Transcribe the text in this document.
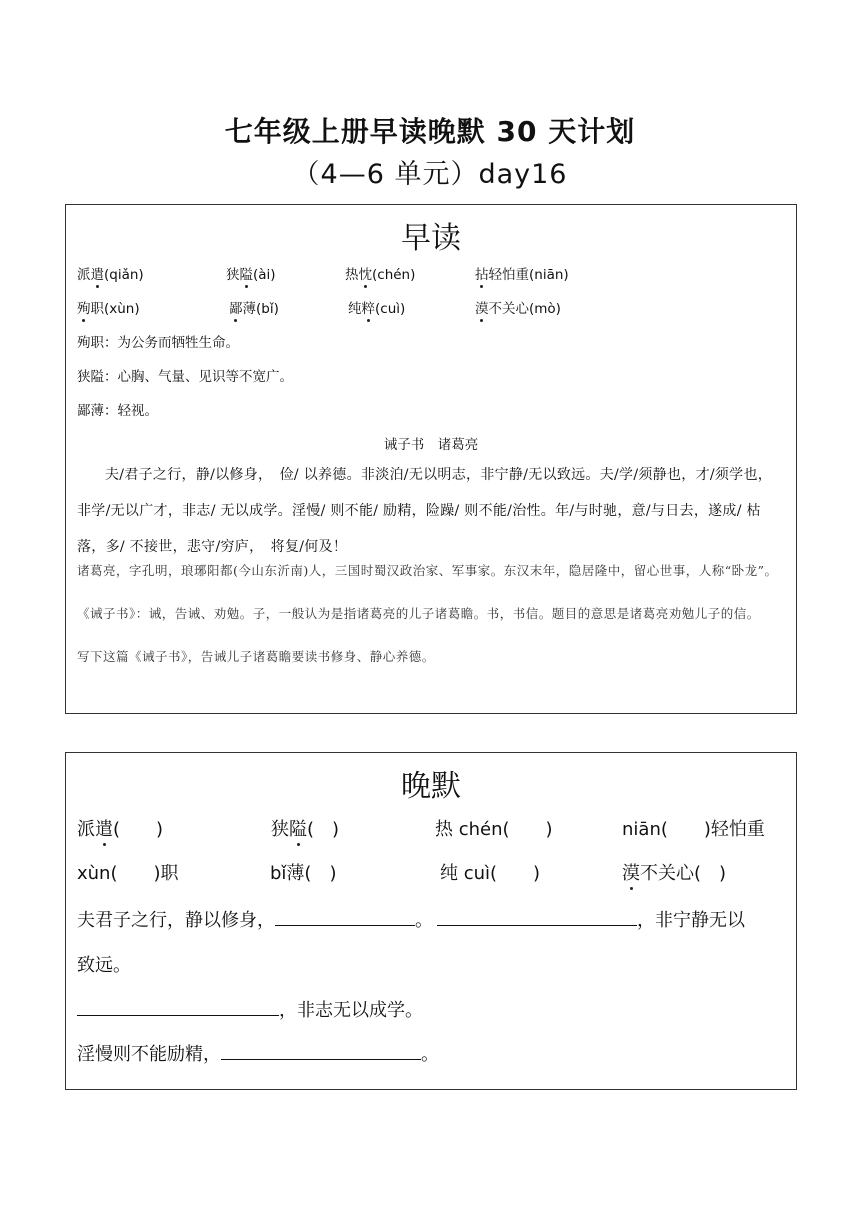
七年级上册早读晚默 30 天计划
（4—6 单元）day16
早读
派遣(qiǎn)	狭隘(ài)	热忱(chén)	拈轻怕重(niān)
殉职(xùn)	鄙薄(bǐ)	纯粹(cuì)	漠不关心(mò)
殉职：为公务而牺牲生命。
狭隘：心胸、气量、见识等不宽广。
鄙薄：轻视。
诫子书　诸葛亮
夫/君子之行，静/以修身，　俭/ 以养德。非淡泊/无以明志，非宁静/无以致远。夫/学/须静也，才/须学也，非学/无以广才，非志/ 无以成学。淫慢/ 则不能/ 励精，险躁/ 则不能/治性。年/与时驰，意/与日去，遂成/ 枯落，多/ 不接世，悲守/穷庐，　将复/何及！
诸葛亮，字孔明，琅琊阳都(今山东沂南)人，三国时蜀汉政治家、军事家。东汉末年，隐居隆中，留心世事，人称“卧龙”。
《诫子书》：诫，告诫、劝勉。子，一般认为是指诸葛亮的儿子诸葛瞻。书，书信。题目的意思是诸葛亮劝勉儿子的信。
写下这篇《诫子书》，告诫儿子诸葛瞻要读书修身、静心养德。
晚默
派遣(　　)	狭隘(　)	热 chén(　　)	niān(　　)轻怕重
xùn(　　)职	bǐ薄(　)	纯 cuì(　　)	漠不关心(　)
夫君子之行，静以修身，	。	，非宁静无以
致远。
，非志无以成学。
淫慢则不能励精，	。
